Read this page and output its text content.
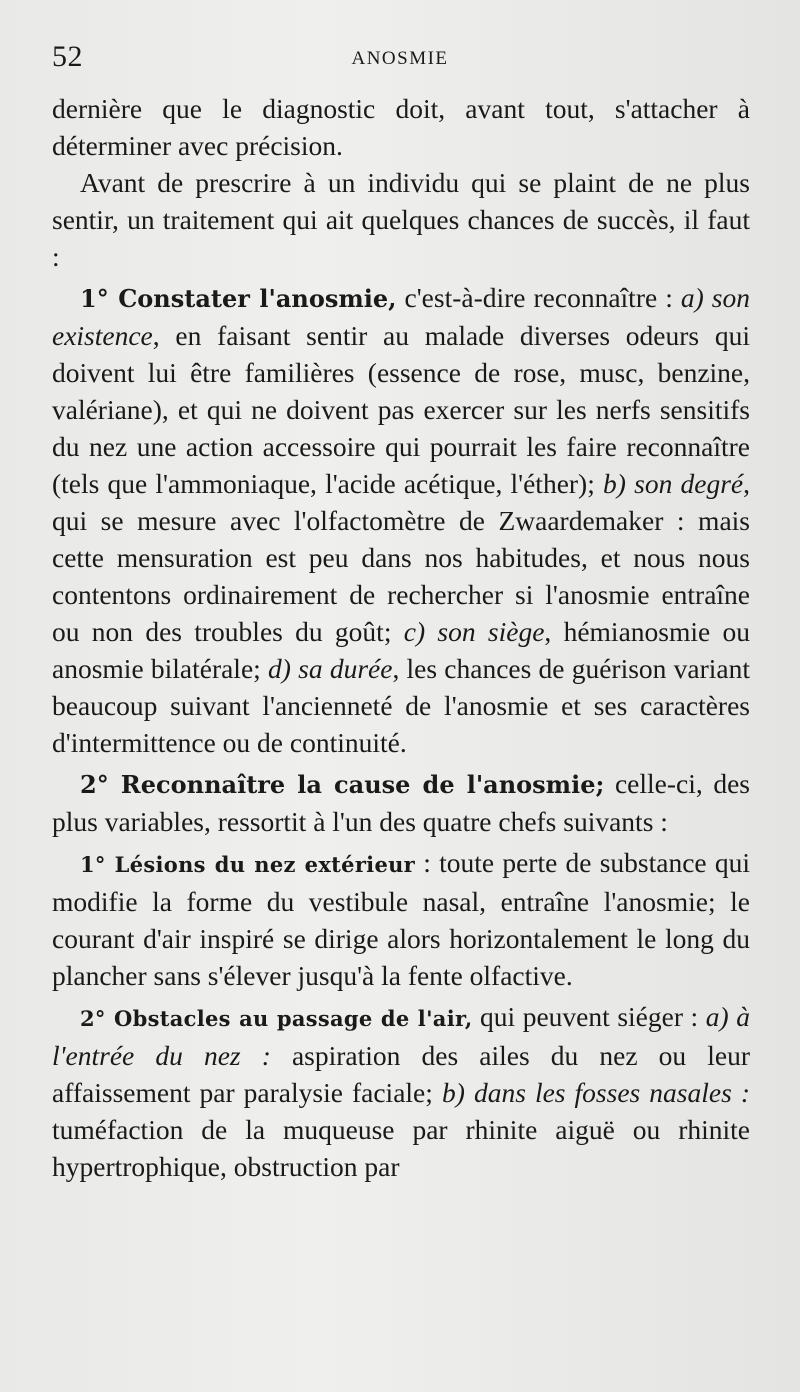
52	ANOSMIE

dernière que le diagnostic doit, avant tout, s'attacher à déterminer avec précision.

Avant de prescrire à un individu qui se plaint de ne plus sentir, un traitement qui ait quelques chances de succès, il faut :

1° Constater l'anosmie, c'est-à-dire reconnaître : a) son existence, en faisant sentir au malade diverses odeurs qui doivent lui être familières (essence de rose, musc, benzine, valériane), et qui ne doivent pas exercer sur les nerfs sensitifs du nez une action accessoire qui pourrait les faire reconnaître (tels que l'ammoniaque, l'acide acétique, l'éther); b) son degré, qui se mesure avec l'olfactomètre de Zwaardemaker : mais cette mensuration est peu dans nos habitudes, et nous nous contentons ordinairement de rechercher si l'anosmie entraîne ou non des troubles du goût; c) son siège, hémianosmie ou anosmie bilatérale; d) sa durée, les chances de guérison variant beaucoup suivant l'ancienneté de l'anosmie et ses caractères d'intermittence ou de continuité.

2° Reconnaître la cause de l'anosmie; celle-ci, des plus variables, ressortit à l'un des quatre chefs suivants :

1° Lésions du nez extérieur : toute perte de substance qui modifie la forme du vestibule nasal, entraîne l'anosmie; le courant d'air inspiré se dirige alors horizontalement le long du plancher sans s'élever jusqu'à la fente olfactive.

2° Obstacles au passage de l'air, qui peuvent siéger : a) à l'entrée du nez : aspiration des ailes du nez ou leur affaissement par paralysie faciale; b) dans les fosses nasales : tuméfaction de la muqueuse par rhinite aiguë ou rhinite hypertrophique, obstruction par
